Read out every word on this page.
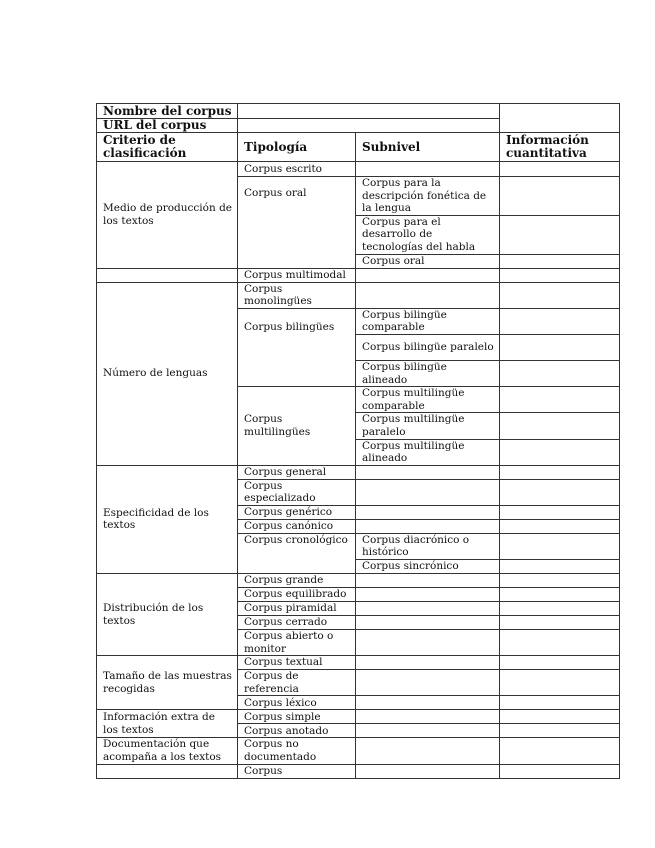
Nombre del corpus			
URL del corpus			
Criterio de clasificación	Tipología	Subnivel	Información cuantitativa
Medio de producción de los textos	Corpus escrito		
	Corpus oral	Corpus para la descripción fonética de la lengua	
		Corpus para el desarrollo de tecnologías del habla	
		Corpus oral	
	Corpus multimodal		
Número de lenguas	Corpus monolingües		
	Corpus bilingües	Corpus bilingüe comparable	
		Corpus bilingüe paralelo	
		Corpus bilingüe alineado	
	Corpus multilingües	Corpus multilingüe comparable	
		Corpus multilingüe paralelo	
		Corpus multilingüe alineado	
Especificidad de los textos	Corpus general		
	Corpus especializado		
	Corpus genérico		
	Corpus canónico		
	Corpus cronológico	Corpus diacrónico o histórico	
		Corpus sincrónico	
Distribución de los textos	Corpus grande		
	Corpus equilibrado		
	Corpus piramidal		
	Corpus cerrado		
	Corpus abierto o monitor		
Tamaño de las muestras recogidas	Corpus textual		
	Corpus de referencia		
	Corpus léxico		
Información extra de los textos	Corpus simple		
	Corpus anotado		
Documentación que acompaña a los textos	Corpus no documentado		
	Corpus		
